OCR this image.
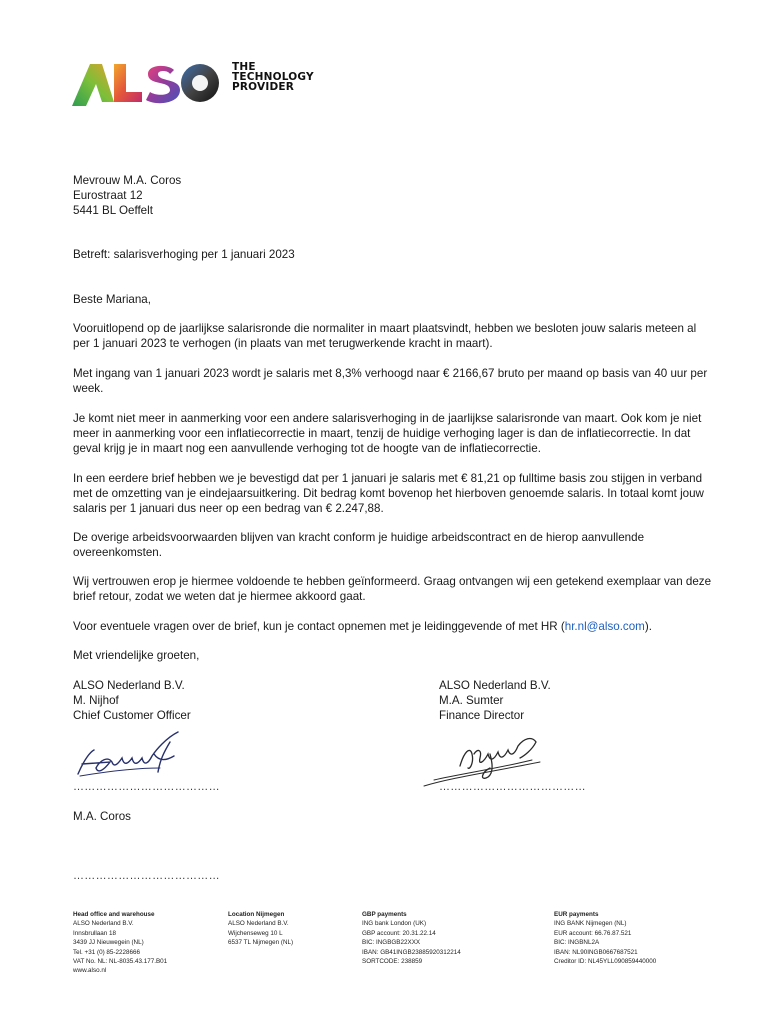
THE
TECHNOLOGY
PROVIDER

Mevrouw M.A. Coros

Eurostraat 12

5441 BL Oeffelt

Betreft: salarisverhoging per 1 januari 2023
Beste Mariana,
Vooruitlopend op de jaarlijkse salarisronde die normaliter in maart plaatsvindt, hebben we besloten jouw salaris meteen al per 1 januari 2023 te verhogen (in plaats van met terugwerkende kracht in maart).
Met ingang van 1 januari 2023 wordt je salaris met 8,3% verhoogd naar € 2166,67 bruto per maand op basis van 40 uur per week.
Je komt niet meer in aanmerking voor een andere salarisverhoging in de jaarlijkse salarisronde van maart. Ook kom je niet meer in aanmerking voor een inflatiecorrectie in maart, tenzij de huidige verhoging lager is dan de inflatiecorrectie. In dat geval krijg je in maart nog een aanvullende verhoging tot de hoogte van de inflatiecorrectie.
In een eerdere brief hebben we je bevestigd dat per 1 januari je salaris met € 81,21 op fulltime basis zou stijgen in verband met de omzetting van je eindejaarsuitkering. Dit bedrag komt bovenop het hierboven genoemde salaris. In totaal komt jouw salaris per 1 januari dus neer op een bedrag van € 2.247,88.
De overige arbeidsvoorwaarden blijven van kracht conform je huidige arbeidscontract en de hierop aanvullende overeenkomsten.
Wij vertrouwen erop je hiermee voldoende te hebben geïnformeerd. Graag ontvangen wij een getekend exemplaar van deze brief retour, zodat we weten dat je hiermee akkoord gaat.
Voor eventuele vragen over de brief, kun je contact opnemen met je leidinggevende of met HR (hr.nl@also.com).
Met vriendelijke groeten,
ALSO Nederland B.V.
M. Nijhof
Chief Customer Officer
ALSO Nederland B.V.
M.A. Sumter
Finance Director
…………………………………	…………………………………
M.A. Coros
…………………………………
Head office and warehouse
ALSO Nederland B.V.
Innsbrullaan 18
3439 JJ Nieuwegein (NL)
Tel. +31 (0) 85-2228666
VAT No. NL: NL-8035.43.177.B01
www.also.nl
Location Nijmegen
ALSO Nederland B.V.
Wijchenseweg 10 L
6537 TL Nijmegen (NL)
GBP payments
ING bank London (UK)
GBP account: 20.31.22.14
BIC: INGBGB22XXX
IBAN: GB41INGB23885920312214
SORTCODE: 238859
EUR payments
ING BANK Nijmegen (NL)
EUR account: 66.76.87.521
BIC: INGBNL2A
IBAN: NL90INGB0667687521
Creditor ID: NL45YLL090859440000
